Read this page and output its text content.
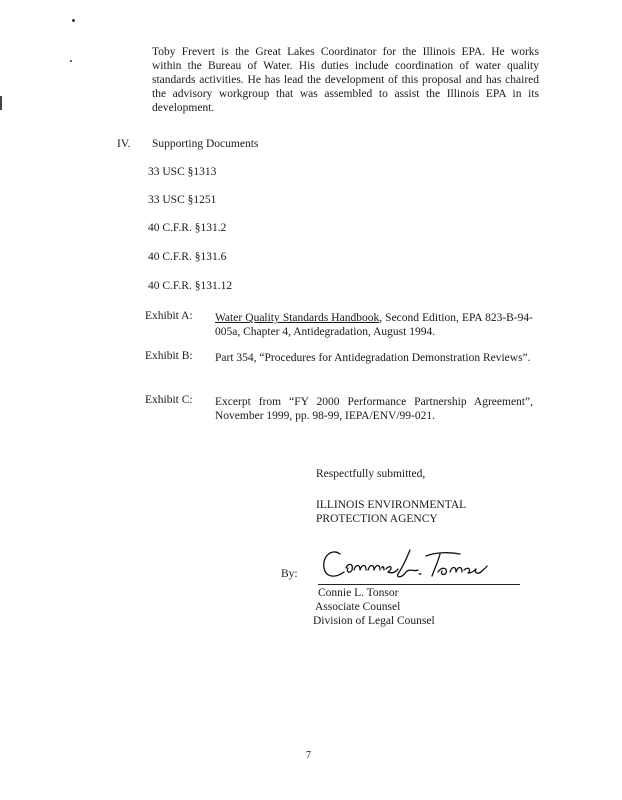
Toby Frevert is the Great Lakes Coordinator for the Illinois EPA. He works

within the Bureau of Water. His duties include coordination of water quality

standards activities. He has lead the development of this proposal and has chaired

the advisory workgroup that was assembled to assist the Illinois EPA in its

development.

IV. Supporting Documents
33 USC §1313
33 USC §1251
40 C.F.R. §131.2
40 C.F.R. §131.6
40 C.F.R. §131.12
Exhibit A: Water Quality Standards Handbook, Second Edition, EPA 823-B-94-005a, Chapter 4, Antidegradation, August 1994.
Exhibit B: Part 354, “Procedures for Antidegradation Demonstration Reviews”.
Exhibit C: Excerpt from “FY 2000 Performance Partnership Agreement”, November 1999, pp. 98-99, IEPA/ENV/99-021.
Respectfully submitted,
ILLINOIS ENVIRONMENTAL
PROTECTION AGENCY
By:
Connie L. Tonsor
Associate Counsel
Division of Legal Counsel
7
